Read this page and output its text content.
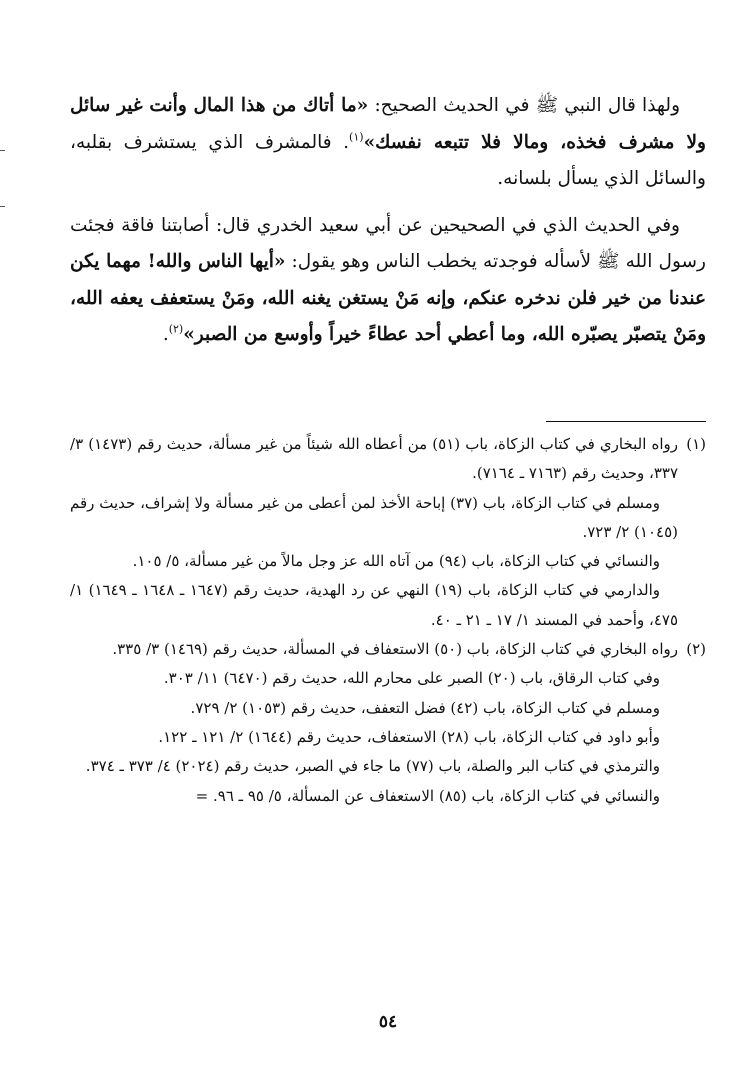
ولهذا قال النبي ﷺ في الحديث الصحيح: «ما أتاك من هذا المال وأنت غير سائل ولا مشرف فخذه، ومالا فلا تتبعه نفسك»$^{(١)}$. فالمشرف الذي يستشرف بقلبه، والسائل الذي يسأل بلسانه.

وفي الحديث الذي في الصحيحين عن أبي سعيد الخدري قال: أصابتنا فاقة فجئت رسول الله ﷺ لأسأله فوجدته يخطب الناس وهو يقول: «أيها الناس والله! مهما يكن عندنا من خير فلن ندخره عنكم، وإنه مَنْ يستغن يغنه الله، ومَنْ يستعفف يعفه الله، ومَنْ يتصبّر يصبّره الله، وما أعطي أحد عطاءً خيراً وأوسع من الصبر»$^{(٢)}$.

(١)رواه البخاري في كتاب الزكاة، باب (٥١) من أعطاه الله شيئاً من غير مسألة، حديث رقم (١٤٧٣) ٣/ ٣٣٧، وحديث رقم (٧١٦٣ ـ ٧١٦٤).

ومسلم في كتاب الزكاة، باب (٣٧) إباحة الأخذ لمن أعطى من غير مسألة ولا إشراف، حديث رقم (١٠٤٥) ٢/ ٧٢٣.

والنسائي في كتاب الزكاة، باب (٩٤) من آتاه الله عز وجل مالاً من غير مسألة، ٥/ ١٠٥.

والدارمي في كتاب الزكاة، باب (١٩) النهي عن رد الهدية، حديث رقم (١٦٤٧ ـ ١٦٤٨ ـ ١٦٤٩) ١/ ٤٧٥، وأحمد في المسند ١/ ١٧ ـ ٢١ ـ ٤٠.

(٢)رواه البخاري في كتاب الزكاة، باب (٥٠) الاستعفاف في المسألة، حديث رقم (١٤٦٩) ٣/ ٣٣٥.

وفي كتاب الرقاق، باب (٢٠) الصبر على محارم الله، حديث رقم (٦٤٧٠) ١١/ ٣٠٣.

ومسلم في كتاب الزكاة، باب (٤٢) فضل التعفف، حديث رقم (١٠٥٣) ٢/ ٧٢٩.

وأبو داود في كتاب الزكاة، باب (٢٨) الاستعفاف، حديث رقم (١٦٤٤) ٢/ ١٢١ ـ ١٢٢.

والترمذي في كتاب البر والصلة، باب (٧٧) ما جاء في الصبر، حديث رقم (٢٠٢٤) ٤/ ٣٧٣ ـ ٣٧٤.

والنسائي في كتاب الزكاة، باب (٨٥) الاستعفاف عن المسألة، ٥/ ٩٥ ـ ٩٦. =

٥٤
